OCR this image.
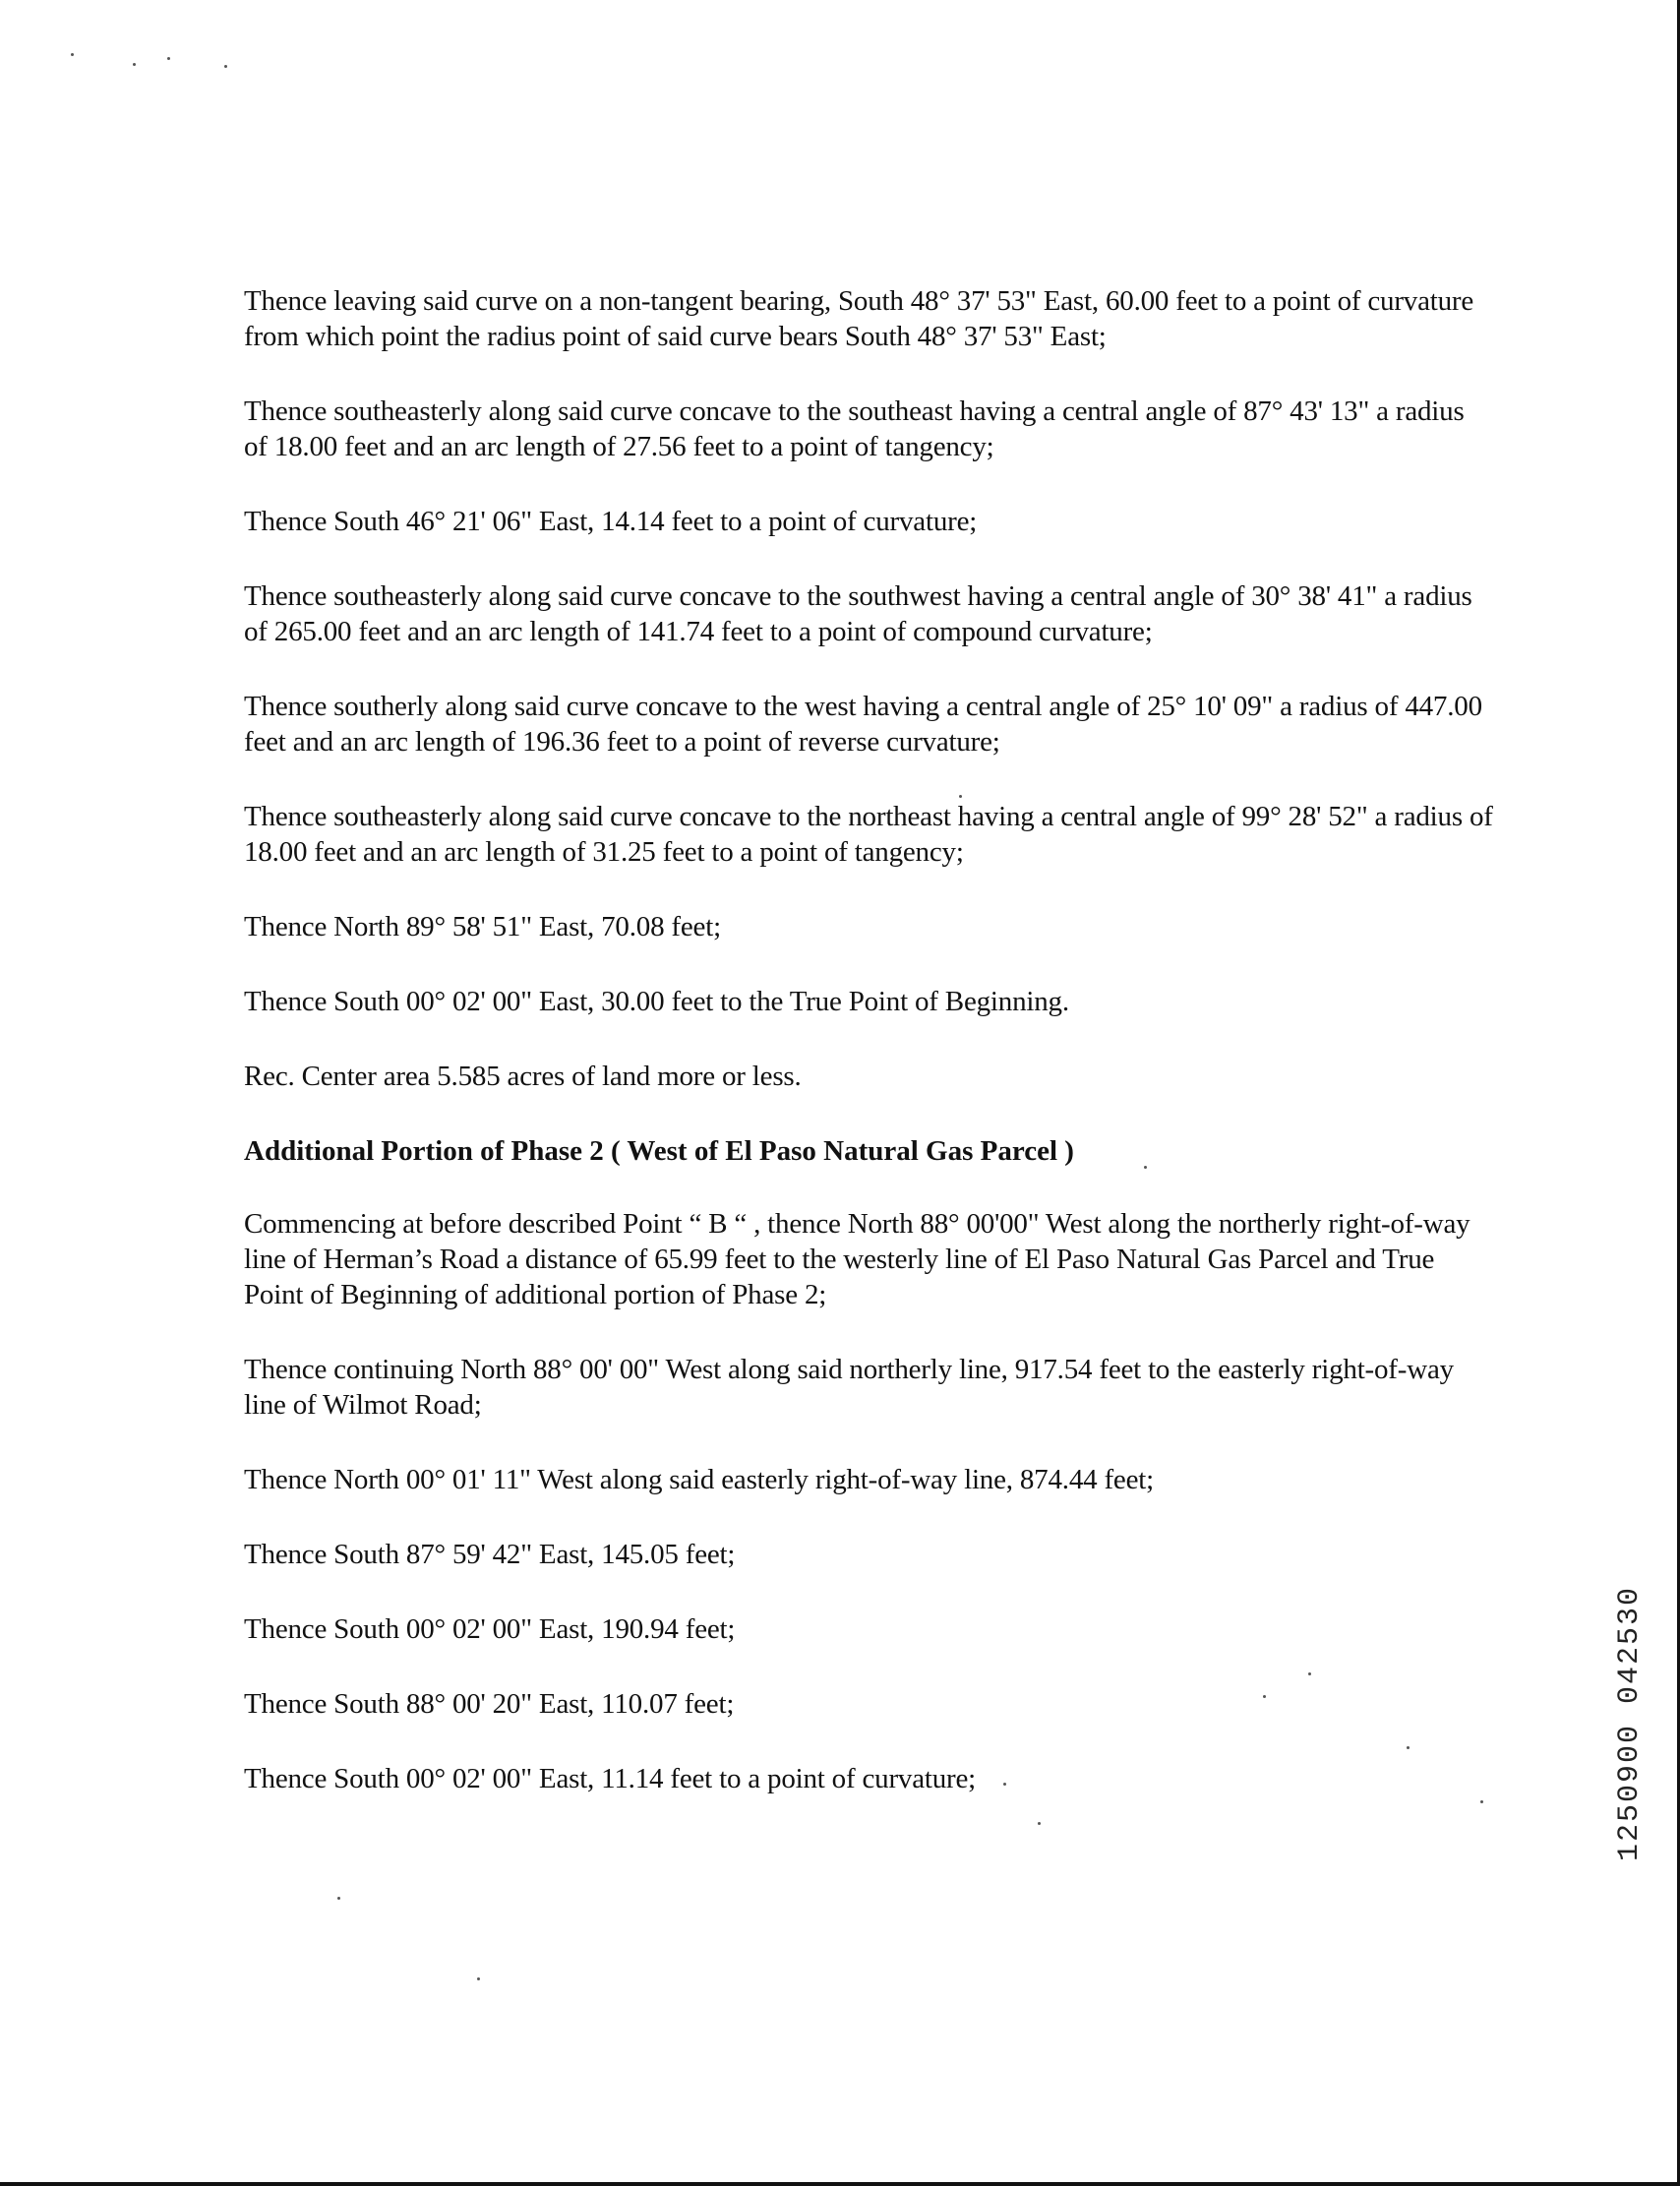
Thence leaving said curve on a non-tangent bearing, South 48° 37' 53" East, 60.00 feet to a point of curvature from which point the radius point of said curve bears South 48° 37' 53" East;

Thence southeasterly along said curve concave to the southeast having a central angle of 87° 43' 13" a radius of 18.00 feet and an arc length of 27.56 feet to a point of tangency;

Thence South 46° 21' 06" East, 14.14 feet to a point of curvature;

Thence southeasterly along said curve concave to the southwest having a central angle of 30° 38' 41" a radius of 265.00 feet and an arc length of 141.74 feet to a point of compound curvature;

Thence southerly along said curve concave to the west having a central angle of 25° 10' 09" a radius of 447.00 feet and an arc length of 196.36 feet to a point of reverse curvature;

Thence southeasterly along said curve concave to the northeast having a central angle of 99° 28' 52" a radius of 18.00 feet and an arc length of 31.25 feet to a point of tangency;

Thence North 89° 58' 51" East, 70.08 feet;

Thence South 00° 02' 00" East, 30.00 feet to the True Point of Beginning.

Rec. Center area 5.585 acres of land more or less.

Additional Portion of Phase 2 ( West of El Paso Natural Gas Parcel )

Commencing at before described Point “ B “ , thence North 88° 00'00" West along the northerly right-of-way line of Herman’s Road a distance of 65.99 feet to the westerly line of El Paso Natural Gas Parcel and True Point of Beginning of additional portion of Phase 2;

Thence continuing North 88° 00' 00" West along said northerly line, 917.54 feet to the easterly right-of-way line of Wilmot Road;

Thence North 00° 01' 11" West along said easterly right-of-way line, 874.44 feet;

Thence South 87° 59' 42" East, 145.05 feet;

Thence South 00° 02' 00" East, 190.94 feet;

Thence South 88° 00' 20" East, 110.07 feet;

Thence South 00° 02' 00" East, 11.14 feet to a point of curvature;	1250900 042530
